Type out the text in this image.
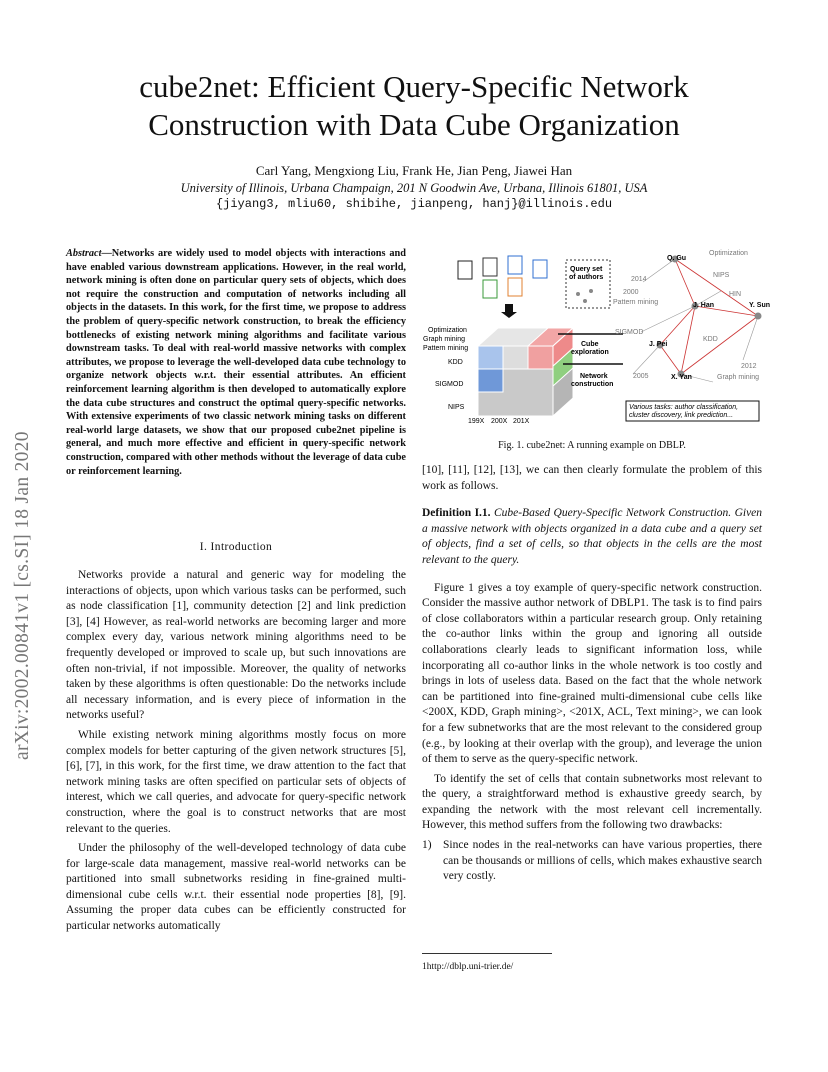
cube2net: Efficient Query-Specific Network
Construction with Data Cube Organization
Carl Yang, Mengxiong Liu, Frank He, Jian Peng, Jiawei Han
University of Illinois, Urbana Champaign, 201 N Goodwin Ave, Urbana, Illinois 61801, USA
{jiyang3, mliu60, shibihe, jianpeng, hanj}@illinois.edu
arXiv:2002.00841v1 [cs.SI] 18 Jan 2020
Abstract—Networks are widely used to model objects with interactions and have enabled various downstream applications. However, in the real world, network mining is often done on particular query sets of objects, which does not require the construction and computation of networks including all objects in the datasets. In this work, for the first time, we propose to address the problem of query-specific network construction, to break the efficiency bottlenecks of existing network mining algorithms and facilitate various downstream tasks. To deal with real-world massive networks with complex attributes, we propose to leverage the well-developed data cube technology to organize network objects w.r.t. their essential attributes. An efficient reinforcement learning algorithm is then developed to automatically explore the data cube structures and construct the optimal query-specific networks. With extensive experiments of two classic network mining tasks on different real-world large datasets, we show that our proposed cube2net pipeline is general, and much more effective and efficient in query-specific network construction, compared with other methods without the leverage of data cube or reinforcement learning.
I. Introduction

Networks provide a natural and generic way for modeling the interactions of objects, upon which various tasks can be performed, such as node classification [1], community detection [2] and link prediction [3], [4] However, as real-world networks are becoming larger and more complex every day, various network mining algorithms need to be frequently developed or improved to scale up, but such innovations are often non-trivial, if not impossible. Moreover, the quality of networks taken by these algorithms is often questionable: Do the networks include all necessary information, and is every piece of information in the networks useful?

While existing network mining algorithms mostly focus on more complex models for better capturing of the given network structures [5], [6], [7], in this work, for the first time, we draw attention to the fact that network mining tasks are often specified on particular sets of objects of interest, which we call queries, and advocate for query-specific network construction, where the goal is to construct networks that are most relevant to the queries.

Under the philosophy of the well-developed technology of data cube for large-scale data management, massive real-world networks can be partitioned into small subnetworks residing in fine-grained multi-dimensional cube cells w.r.t. their essential node properties [8], [9]. Assuming the proper data cubes can be efficiently constructed for particular networks automatically

Optimization
Graph mining
Pattern mining
KDD
SIGMOD
NIPS
199X 200X 201X
Query set of authors
Cube exploration
Network construction
Q. Gu
Optimization
2014
NIPS
2000	HIN
Pattern mining	J. Han	Y. Sun
SIGMOD
KDD
J. Pei
2012
2005	X. Yan	Graph mining
Various tasks: author classification, cluster discovery, link prediction...
Fig. 1. cube2net: A running example on DBLP.
[10], [11], [12], [13], we can then clearly formulate the problem of this work as follows.
Definition I.1. Cube-Based Query-Specific Network Construction. Given a massive network with objects organized in a data cube and a query set of objects, find a set of cells, so that objects in the cells are the most relevant to the query.

Figure 1 gives a toy example of query-specific network construction. Consider the massive author network of DBLP1. The task is to find pairs of close collaborators within a particular research group. Only retaining the co-author links within the group and ignoring all outside collaborations clearly leads to significant information loss, while incorporating all co-author links in the whole network is too costly and brings in lots of useless data. Based on the fact that the whole network can be partitioned into fine-grained multi-dimensional cube cells like <200X, KDD, Graph mining>, <201X, ACL, Text mining>, we can look for a few subnetworks that are the most relevant to the considered group (e.g., by looking at their overlap with the group), and leverage the union of them to serve as the query-specific network.

To identify the set of cells that contain subnetworks most relevant to the query, a straightforward method is exhaustive greedy search, by expanding the network with the most relevant cell incrementally. However, this method suffers from the following two drawbacks:

1) Since nodes in the real-networks can have various properties, there can be thousands or millions of cells, which makes exhaustive search very costly.
1http://dblp.uni-trier.de/
